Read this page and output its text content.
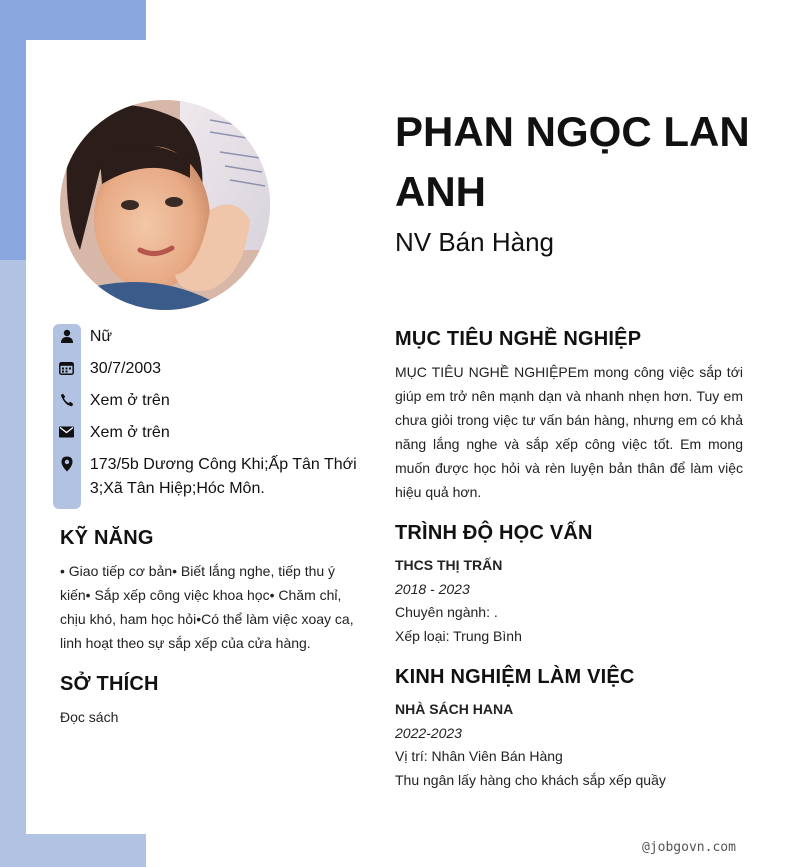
PHAN NGỌC LAN ANH
NV Bán Hàng
Nữ
30/7/2003
Xem ở trên
Xem ở trên
173/5b Dương Công Khi;Ấp Tân Thới 3;Xã Tân Hiệp;Hóc Môn.
KỸ NĂNG
• Giao tiếp cơ bản• Biết lắng nghe, tiếp thu ý kiến• Sắp xếp công việc khoa học• Chăm chỉ, chịu khó, ham học hỏi•Có thể làm việc xoay ca, linh hoạt theo sự sắp xếp của cửa hàng.
SỞ THÍCH
Đọc sách
MỤC TIÊU NGHỀ NGHIỆP
MỤC TIÊU NGHỀ NGHIỆPEm mong công việc sắp tới giúp em trở nên mạnh dạn và nhanh nhẹn hơn. Tuy em chưa giỏi trong việc tư vấn bán hàng, nhưng em có khả năng lắng nghe và sắp xếp công việc tốt. Em mong muốn được học hỏi và rèn luyện bản thân để làm việc hiệu quả hơn.
TRÌNH ĐỘ HỌC VẤN
THCS THỊ TRẤN
2018 - 2023
Chuyên ngành: .
Xếp loại: Trung Bình
KINH NGHIỆM LÀM VIỆC
NHÀ SÁCH HANA
2022-2023
Vị trí: Nhân Viên Bán Hàng
Thu ngân lấy hàng cho khách sắp xếp quầy
@jobgovn.com
